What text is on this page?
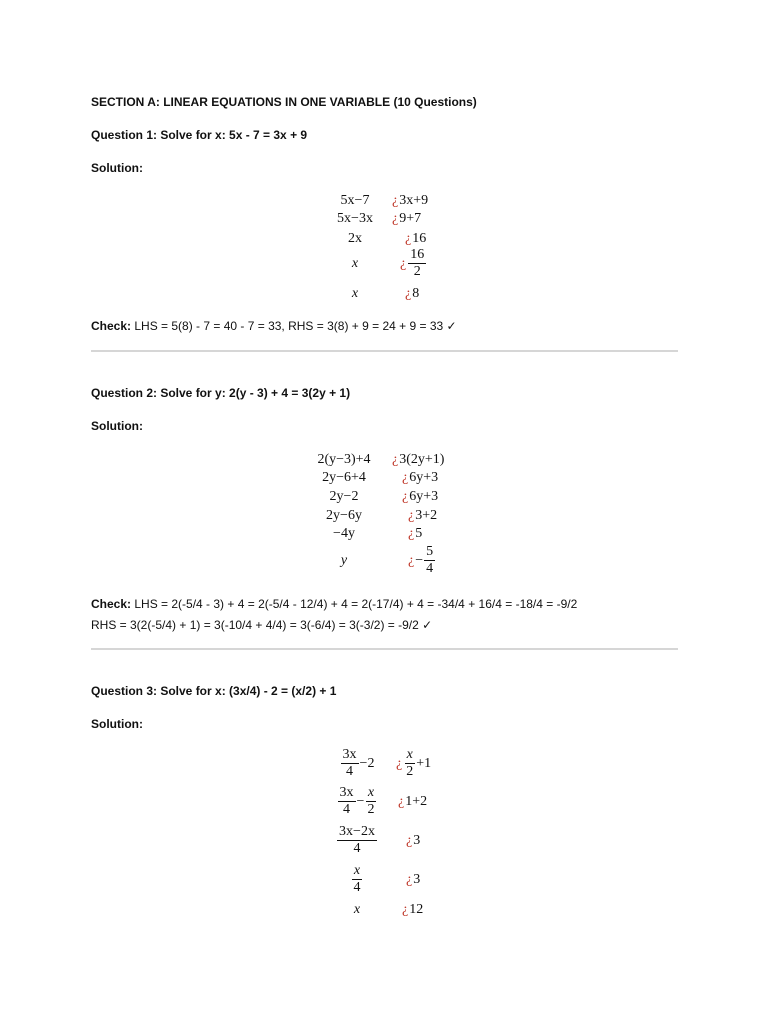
SECTION A: LINEAR EQUATIONS IN ONE VARIABLE (10 Questions)
Question 1: Solve for x: 5x - 7 = 3x + 9
Solution:
5x−7	¿ 3x+9
5x−3x	¿ 9+7
2x	¿ 16
x	¿ $\frac{16}{2}$
x	¿ 8
Check: LHS = 5(8) - 7 = 40 - 7 = 33, RHS = 3(8) + 9 = 24 + 9 = 33 ✓
Question 2: Solve for y: 2(y - 3) + 4 = 3(2y + 1)
Solution:
2(y−3)+4	¿ 3(2y+1)
2y−6+4	¿ 6y+3
2y−2	¿ 6y+3
2y−6y	¿ 3+2
−4y	¿ 5
y	¿ − $\frac{5}{4}$
Check: LHS = 2(-5/4 - 3) + 4 = 2(-5/4 - 12/4) + 4 = 2(-17/4) + 4 = -34/4 + 16/4 = -18/4 = -9/2
RHS = 3(2(-5/4) + 1) = 3(-10/4 + 4/4) = 3(-6/4) = 3(-3/2) = -9/2 ✓
Question 3: Solve for x: (3x/4) - 2 = (x/2) + 1
Solution:
$\frac{3x}{4} -2$ ¿ $\frac{x}{2} +1$
$\frac{3x}{4} - \frac{x}{2}$ ¿ 1+2
$\frac{3x-2x}{4}$ ¿ 3
$\frac{x}{4}$	¿ 3
x	¿ 12
